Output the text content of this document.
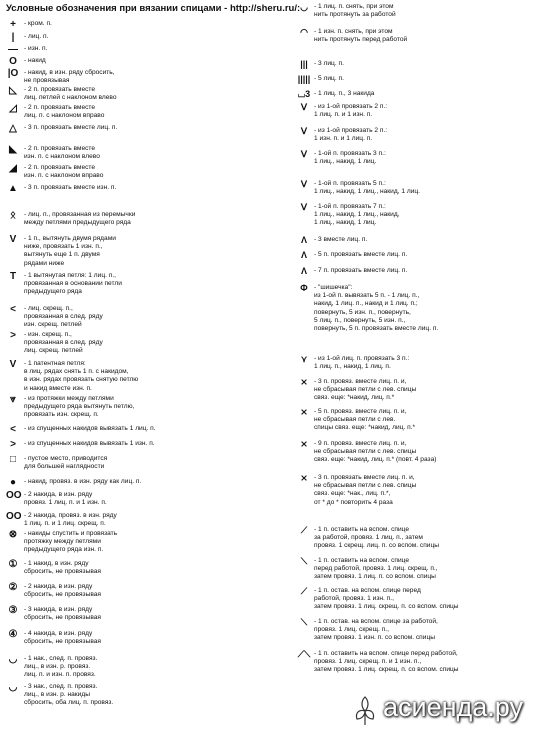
Условные обозначения при вязании спицами - http://sheru.ru/:
+	- кром. п.
|	- лиц. п.
— - изн. п.
O	- накид
|O - накид, в изн. ряду сбросить,
не провязывая
◺	- 2 п. провязать вместе
лиц. петлей с наклоном влево
◿	- 2 п. провязать вместе
лиц. п. с наклоном вправо
△	- 3 п. провязать вместе лиц. п.
◣	- 2 п. провязать вместе
изн. п. с наклоном влево
◢	- 2 п. провязать вместе
изн. п. с наклоном вправо
▲ - 3 п. провязать вместе изн. п.
ᛟ	- лиц. п., провязанная из перемычки
между петлями предыдущего ряда
V	- 1 п., вытянуть двумя рядами
ниже, провязать 1 изн. п.,
вытянуть еще 1 п. двумя
рядами ниже
T	- 1 вытянутая петля: 1 лиц. п.,
провязанная в основании петли
предыдущего ряда
<	- лиц. скрещ. п.,
провязанная в след. ряду
изн. скрещ. петлей
>	- изн. скрещ. п.,
провязанная в след. ряду
лиц. скрещ. петлей
V	- 1 патентная петля:
в лиц. рядах снять 1 п. с накидом,
в изн. рядах провязать снятую петлю
и накид вместе изн. п.
⩔	- из протяжки между петлями
предыдущего ряда вытянуть петлю,
провязать изн. скрещ. п.
<	- из спущенных накидов вывязать 1 лиц. п.
>	- из спущенных накидов вывязать 1 изн. п.
□	- пустое место, приводится
для большей наглядности
●	- накид, провяз. в изн. ряду как лиц. п.
OO - 2 накида, в изн. ряду
провяз. 1 лиц. п. и 1 изн. п.
OO - 2 накида, провяз. в изн. ряду
1 лиц. п. и 1 лиц. скрещ. п.
⊗	- накиды спустить и провязать
протяжку между петлями
предыдущего ряда изн. п.
① - 1 накид, в изн. ряду
сбросить, не провязывая
② - 2 накида, в изн. ряду
сбросить, не провязывая
③ - 3 накида, в изн. ряду
сбросить, не провязывая
④ - 4 накида, в изн. ряду
сбросить, не провязывая
◡	- 1 нак., след. п. провяз.
лиц., в изн. р. провяз.
лиц. п. и изн. п. провяз.
◡	- 3 нак., след. п. провяз.
лиц., в изн. р. накиды
сбросить, оба лиц. п. провяз.
◡ - 1 лиц. п. снять, при этом
нить протянуть за работой
◠ - 1 изн. п. снять, при этом
нить протянуть перед работой
||| - 3 лиц. п.
||||| - 5 лиц. п.
⌴3 - 1 лиц. п., 3 накида
ᐯ	- из 1-ой провязать 2 п.:
1 лиц. п. и 1 изн. п.
ᐯ	- из 1-ой провязать 2 п.:
1 изн. п. и 1 лиц. п.
ᐯ	- 1-ой п. провязать 3 п.:
1 лиц., накид, 1 лиц.
ᐯ	- 1-ой п. провязать 5 п.:
1 лиц., накид, 1 лиц., накид, 1 лиц.
ᐯ	- 1-ой п. провязать 7 п.:
1 лиц., накид, 1 лиц., накид,
1 лиц., накид, 1 лиц.
Λ	- 3 вместе лиц. п.
Λ	- 5 п. провязать вместе лиц. п.
Λ	- 7 п. провязать вместе лиц. п.
Φ - "шишечка":
из 1-ой п. вывязать 5 п. - 1 лиц. п.,
накид, 1 лиц. п., накид и 1 лиц. п.;
повернуть, 5 изн. п., повернуть,
5 лиц. п., повернуть, 5 изн. п.,
повернуть, 5 п. провязать вместе лиц. п.
⋎	- из 1-ой лиц. п. провязать 3 п.:
1 лиц. п., накид, 1 лиц. п.
⨯ - 3 п. провяз. вместе лиц. п. и,
не сбрасывая петли с лев. спицы
связ. еще: *накид, лиц. п.*
⨯ - 5 п. провяз. вместе лиц. п. и,
не сбрасывая петли с лев.
спицы связ. еще: *накид, лиц. п.*
⨯ - 9 п. провяз. вместе лиц. п. и,
не сбрасывая петли с лев. спицы
связ. еще: *накид, лиц. п.* (повт. 4 раза)
⨯ - 3 п. провязать вместе лиц. п. и,
не сбрасывая петли с лев. спицы
связ. еще: *нак., лиц. п.*,
от * до * повторить 4 раза
⟋	- 1 п. оставить на вспом. спице
за работой, провяз. 1 лиц. п., затем
провяз. 1 скрещ. лиц. п. со вспом. спицы
⟍	- 1 п. оставить на вспом. спице
перед работой, провяз. 1 лиц. скрещ. п.,
затем провяз. 1 лиц. п. со вспом. спицы
⟋	- 1 п. остав. на вспом. спице перед
работой, провяз. 1 изн. п.,
затем провяз. 1 лиц. скрещ. п. со вспом. спицы
⟍	- 1 п. остав. на вспом. спице за работой,
провяз. 1 лиц. скрещ. п.,
затем провяз. 1 изн. п. со вспом. спицы
⟋⟍ - 1 п. оставить на вспом. спице перед работой,
провяз. 1 лиц. скрещ. п. и 1 изн. п.,
затем провяз. 1 лиц. скрещ. п. со вспом. спицы
асиенда.ру
